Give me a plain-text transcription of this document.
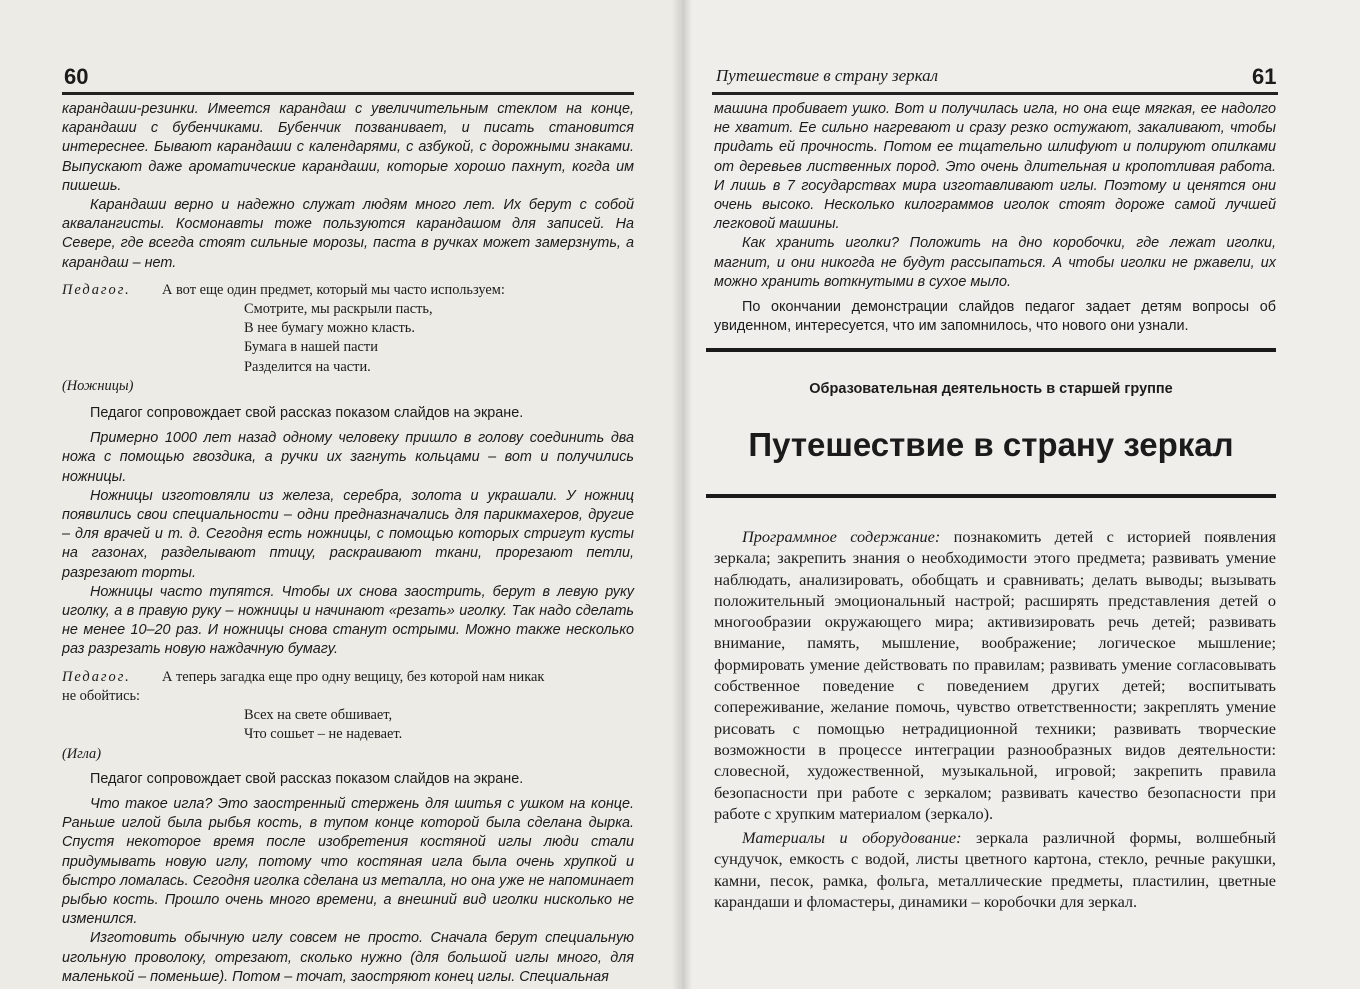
60

карандаши-резинки. Имеется карандаш с увеличительным стеклом на конце, карандаши с бубенчиками. Бубенчик позванивает, и писать становится интереснее. Бывают карандаши с календарями, с азбукой, с дорожными знаками. Выпускают даже ароматические карандаши, которые хорошо пахнут, когда им пишешь.

Карандаши верно и надежно служат людям много лет. Их берут с собой аквалангисты. Космонавты тоже пользуются карандашом для записей. На Севере, где всегда стоят сильные морозы, паста в ручках может замерзнуть, а карандаш – нет.

Педагог. А вот еще один предмет, который мы часто используем:

Смотрите, мы раскрыли пасть,

В нее бумагу можно класть.

Бумага в нашей пасти

Разделится на части.

(Ножницы)

Педагог сопровождает свой рассказ показом слайдов на экране.

Примерно 1000 лет назад одному человеку пришло в голову соединить два ножа с помощью гвоздика, а ручки их загнуть кольцами – вот и получились ножницы.

Ножницы изготовляли из железа, серебра, золота и украшали. У ножниц появились свои специальности – одни предназначались для парикмахеров, другие – для врачей и т. д. Сегодня есть ножницы, с помощью которых стригут кусты на газонах, разделывают птицу, раскраивают ткани, прорезают петли, разрезают торты.

Ножницы часто тупятся. Чтобы их снова заострить, берут в левую руку иголку, а в правую руку – ножницы и начинают «резать» иголку. Так надо сделать не менее 10–20 раз. И ножницы снова станут острыми. Можно также несколько раз разрезать новую наждачную бумагу.

Педагог. А теперь загадка еще про одну вещицу, без которой нам никак

не обойтись:

Всех на свете обшивает,

Что сошьет – не надевает.

(Игла)

Педагог сопровождает свой рассказ показом слайдов на экране.

Что такое игла? Это заостренный стержень для шитья с ушком на конце. Раньше иглой была рыбья кость, в тупом конце которой была сделана дырка. Спустя некоторое время после изобретения костяной иглы люди стали придумывать новую иглу, потому что костяная игла была очень хрупкой и быстро ломалась. Сегодня иголка сделана из металла, но она уже не напоминает рыбью кость. Прошло очень много времени, а внешний вид иголки нисколько не изменился.

Изготовить обычную иглу совсем не просто. Сначала берут специальную игольную проволоку, отрезают, сколько нужно (для большой иглы много, для маленькой – поменьше). Потом – точат, заостряют конец иглы. Специальная

Путешествие в страну зеркал	61

машина пробивает ушко. Вот и получилась игла, но она еще мягкая, ее надолго не хватит. Ее сильно нагревают и сразу резко остужают, закаливают, чтобы придать ей прочность. Потом ее тщательно шлифуют и полируют опилками от деревьев лиственных пород. Это очень длительная и кропотливая работа. И лишь в 7 государствах мира изготавливают иглы. Поэтому и ценятся они очень высоко. Несколько килограммов иголок стоят дороже самой лучшей легковой машины.

Как хранить иголки? Положить на дно коробочки, где лежат иголки, магнит, и они никогда не будут рассыпаться. А чтобы иголки не ржавели, их можно хранить воткнутыми в сухое мыло.

По окончании демонстрации слайдов педагог задает детям вопросы об увиденном, интересуется, что им запомнилось, что нового они узнали.

Образовательная деятельность в старшей группе
Путешествие в страну зеркал

Программное содержание: познакомить детей с историей появления зеркала; закрепить знания о необходимости этого предмета; развивать умение наблюдать, анализировать, обобщать и сравнивать; делать выводы; вызывать положительный эмоциональный настрой; расширять представления детей о многообразии окружающего мира; активизировать речь детей; развивать внимание, память, мышление, воображение; логическое мышление; формировать умение действовать по правилам; развивать умение согласовывать собственное поведение с поведением других детей; воспитывать сопереживание, желание помочь, чувство ответственности; закреплять умение рисовать с помощью нетрадиционной техники; развивать творческие возможности в процессе интеграции разнообразных видов деятельности: словесной, художественной, музыкальной, игровой; закрепить правила безопасности при работе с зеркалом; развивать качество безопасности при работе с хрупким материалом (зеркало).

Материалы и оборудование: зеркала различной формы, волшебный сундучок, емкость с водой, листы цветного картона, стекло, речные ракушки, камни, песок, рамка, фольга, металлические предметы, пластилин, цветные карандаши и фломастеры, динамики – коробочки для зеркал.
